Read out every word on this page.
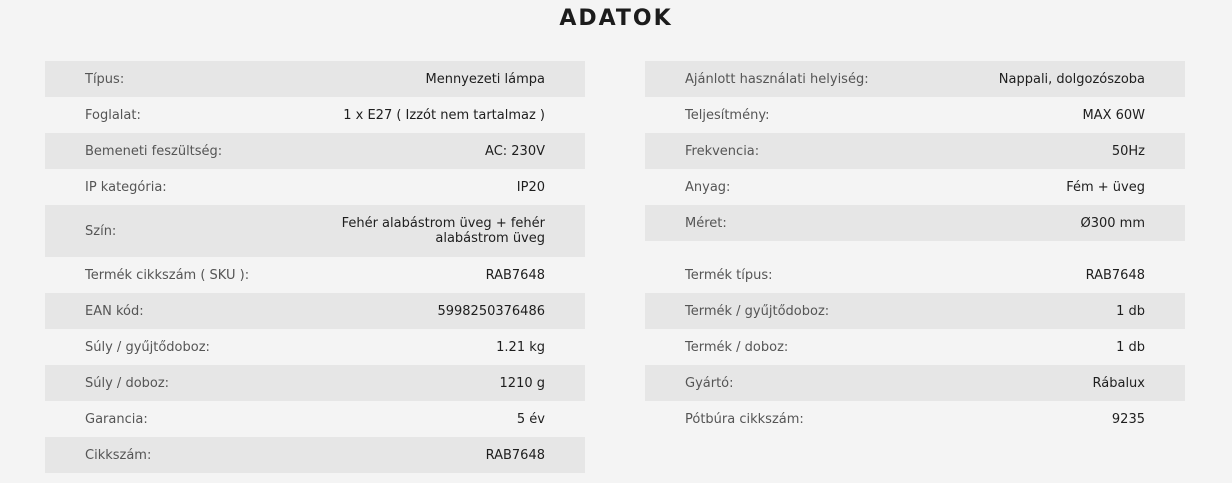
ADATOK
Típus:	Mennyezeti lámpa
Foglalat:	1 x E27 ( Izzót nem tartalmaz )
Bemeneti feszültség:	AC: 230V
IP kategória:	IP20
Szín:	Fehér alabástrom üveg + fehér alabástrom üveg
Termék cikkszám ( SKU ):	RAB7648
EAN kód:	5998250376486
Súly / gyűjtődoboz:	1.21 kg
Súly / doboz:	1210 g
Garancia:	5 év
Cikkszám:	RAB7648
Ajánlott használati helyiség:	Nappali, dolgozószoba
Teljesítmény:	MAX 60W
Frekvencia:	50Hz
Anyag:	Fém + üveg
Méret:	Ø300 mm
Termék típus:	RAB7648
Termék / gyűjtődoboz:	1 db
Termék / doboz:	1 db
Gyártó:	Rábalux
Pótbúra cikkszám:	9235
